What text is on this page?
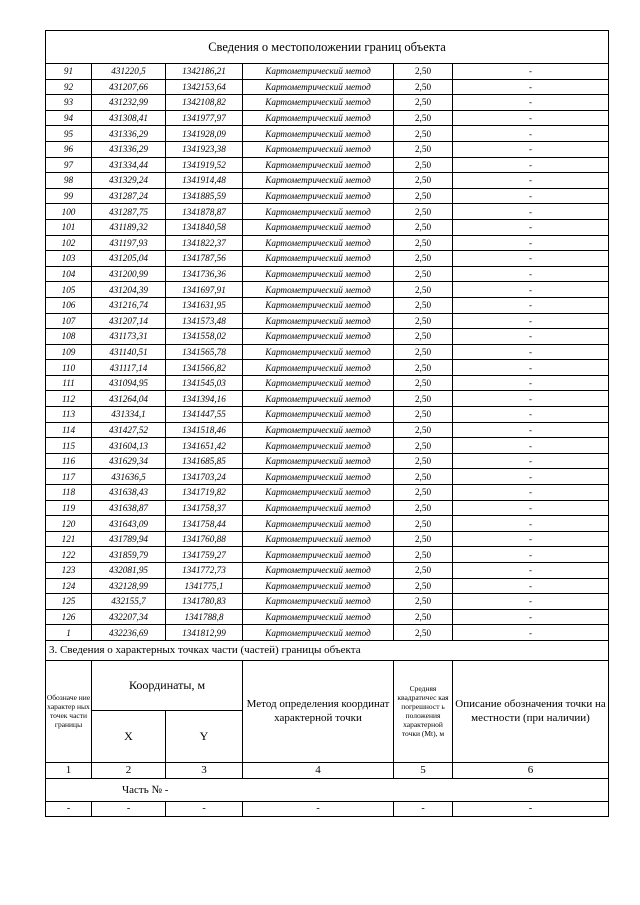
Сведения о местоположении границ объекта					
91	431220,5	1342186,21	Картометрический метод	2,50	-
92	431207,66	1342153,64	Картометрический метод	2,50	-
93	431232,99	1342108,82	Картометрический метод	2,50	-
94	431308,41	1341977,97	Картометрический метод	2,50	-
95	431336,29	1341928,09	Картометрический метод	2,50	-
96	431336,29	1341923,38	Картометрический метод	2,50	-
97	431334,44	1341919,52	Картометрический метод	2,50	-
98	431329,24	1341914,48	Картометрический метод	2,50	-
99	431287,24	1341885,59	Картометрический метод	2,50	-
100	431287,75	1341878,87	Картометрический метод	2,50	-
101	431189,32	1341840,58	Картометрический метод	2,50	-
102	431197,93	1341822,37	Картометрический метод	2,50	-
103	431205,04	1341787,56	Картометрический метод	2,50	-
104	431200,99	1341736,36	Картометрический метод	2,50	-
105	431204,39	1341697,91	Картометрический метод	2,50	-
106	431216,74	1341631,95	Картометрический метод	2,50	-
107	431207,14	1341573,48	Картометрический метод	2,50	-
108	431173,31	1341558,02	Картометрический метод	2,50	-
109	431140,51	1341565,78	Картометрический метод	2,50	-
110	431117,14	1341566,82	Картометрический метод	2,50	-
111	431094,95	1341545,03	Картометрический метод	2,50	-
112	431264,04	1341394,16	Картометрический метод	2,50	-
113	431334,1	1341447,55	Картометрический метод	2,50	-
114	431427,52	1341518,46	Картометрический метод	2,50	-
115	431604,13	1341651,42	Картометрический метод	2,50	-
116	431629,34	1341685,85	Картометрический метод	2,50	-
117	431636,5	1341703,24	Картометрический метод	2,50	-
118	431638,43	1341719,82	Картометрический метод	2,50	-
119	431638,87	1341758,37	Картометрический метод	2,50	-
120	431643,09	1341758,44	Картометрический метод	2,50	-
121	431789,94	1341760,88	Картометрический метод	2,50	-
122	431859,79	1341759,27	Картометрический метод	2,50	-
123	432081,95	1341772,73	Картометрический метод	2,50	-
124	432128,99	1341775,1	Картометрический метод	2,50	-
125	432155,7	1341780,83	Картометрический метод	2,50	-
126	432207,34	1341788,8	Картометрический метод	2,50	-
1	432236,69	1341812,99	Картометрический метод	2,50	-
3. Сведения о характерных точках части (частей) границы объекта					
Обозначе ние характер ных точек части границы	Координаты, м		Метод определения координат характерной точки	Средняя квадратичес кая погрешност ь положения характерной точки (Mt), м	Описание обозначения точки на местности (при наличии)
	X	Y			
1	2	3	4	5	6
Часть № -					
-	-	-	-	-	-
